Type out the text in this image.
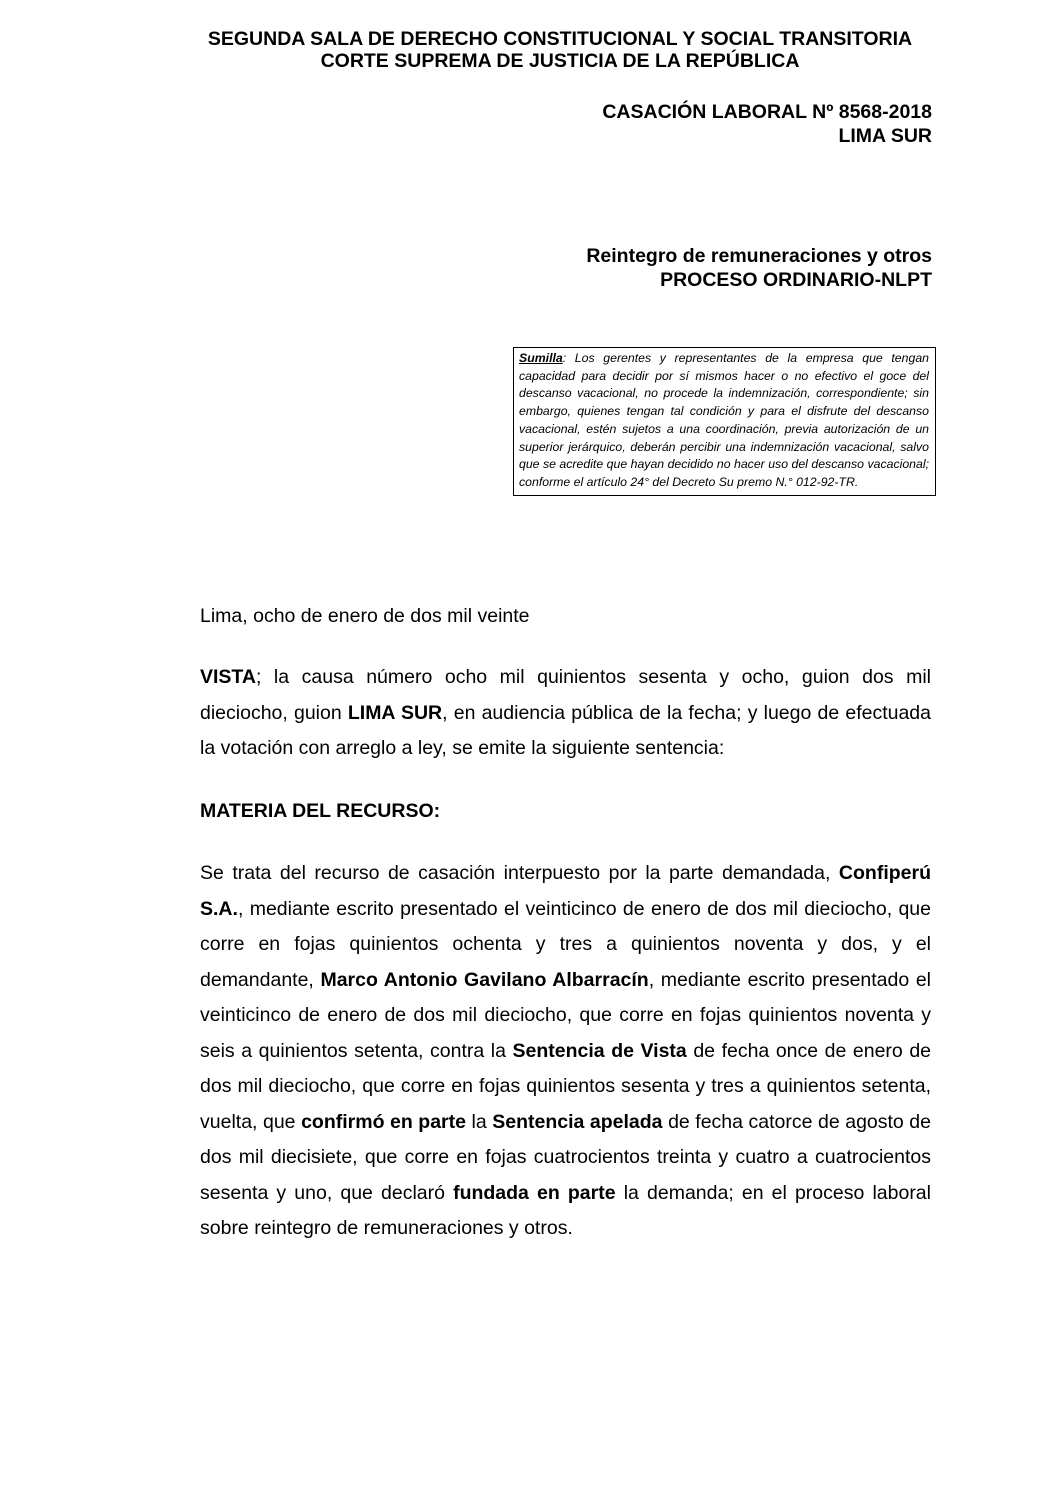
SEGUNDA SALA DE DERECHO CONSTITUCIONAL Y SOCIAL TRANSITORIA
CORTE SUPREMA DE JUSTICIA DE LA REPÚBLICA
CASACIÓN LABORAL Nº 8568-2018
LIMA SUR
Reintegro de remuneraciones y otros
PROCESO ORDINARIO-NLPT
Sumilla: Los gerentes y representantes de la empresa que tengan capacidad para decidir por sí mismos hacer o no efectivo el goce del descanso vacacional, no procede la indemnización, correspondiente; sin embargo, quienes tengan tal condición y para el disfrute del descanso vacacional, estén sujetos a una coordinación, previa autorización de un superior jerárquico, deberán percibir una indemnización vacacional, salvo que se acredite que hayan decidido no hacer uso del descanso vacacional; conforme el artículo 24° del Decreto Su premo N.° 012-92-TR.
Lima, ocho de enero de dos mil veinte

VISTA; la causa número ocho mil quinientos sesenta y ocho, guion dos mil dieciocho, guion LIMA SUR, en audiencia pública de la fecha; y luego de efectuada la votación con arreglo a ley, se emite la siguiente sentencia:

MATERIA DEL RECURSO:

Se trata del recurso de casación interpuesto por la parte demandada, Confiperú S.A., mediante escrito presentado el veinticinco de enero de dos mil dieciocho, que corre en fojas quinientos ochenta y tres a quinientos noventa y dos, y el demandante, Marco Antonio Gavilano Albarracín, mediante escrito presentado el veinticinco de enero de dos mil dieciocho, que corre en fojas quinientos noventa y seis a quinientos setenta, contra la Sentencia de Vista de fecha once de enero de dos mil dieciocho, que corre en fojas quinientos sesenta y tres a quinientos setenta, vuelta, que confirmó en parte la Sentencia apelada de fecha catorce de agosto de dos mil diecisiete, que corre en fojas cuatrocientos treinta y cuatro a cuatrocientos sesenta y uno, que declaró fundada en parte la demanda; en el proceso laboral sobre reintegro de remuneraciones y otros.
